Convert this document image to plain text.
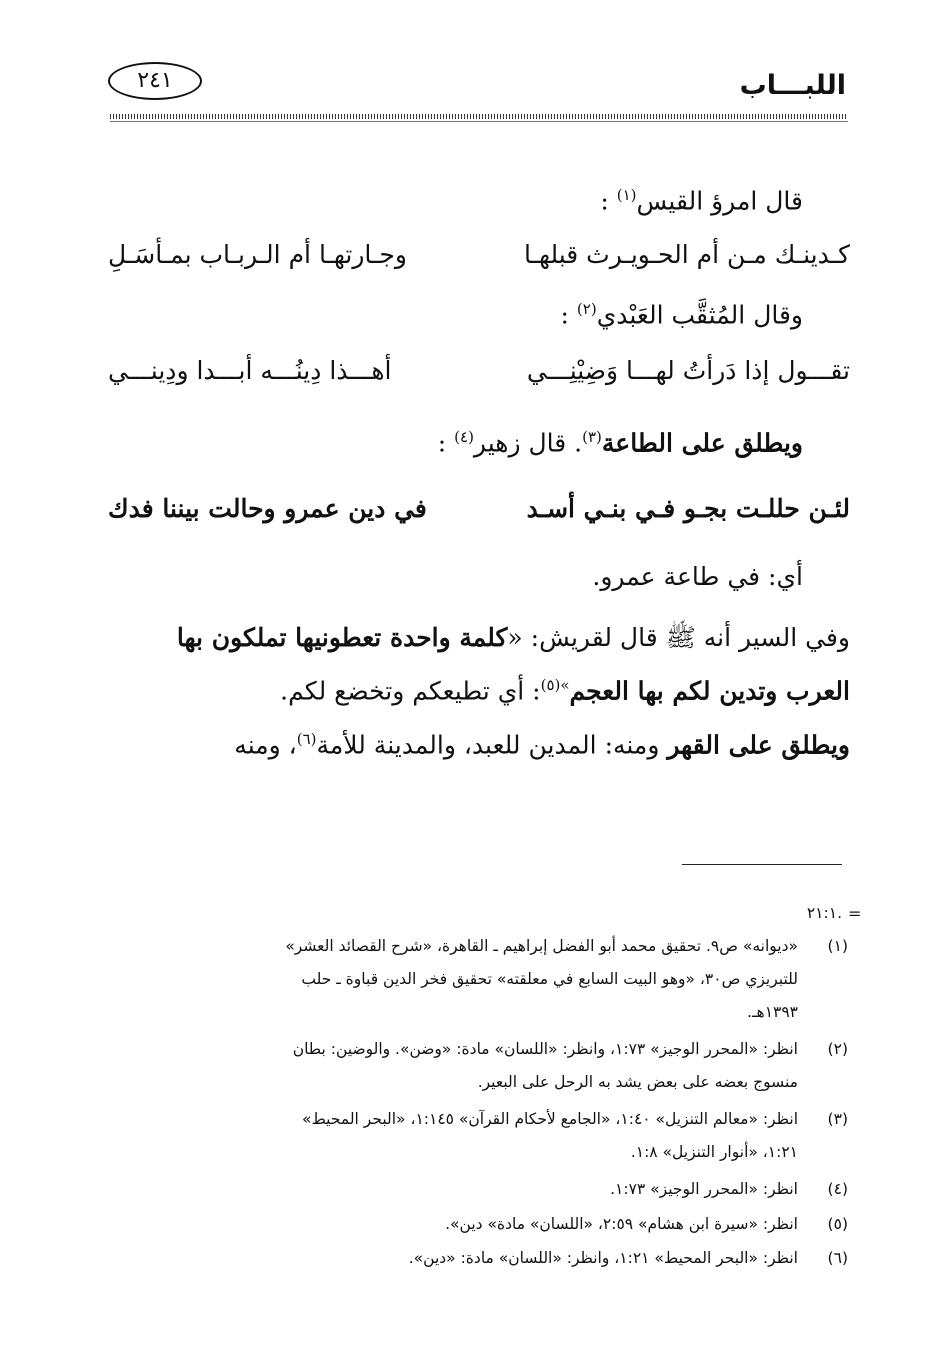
اللبـــاب
٢٤١
قال امرؤ القيس$^{(١)}$ :
كـدينـك مـن أم الحـويـرث قبلهـا
وجـارتهـا أم الـربـاب بمـأسَـلِ
وقال المُثقَّب العَبْدي$^{(٢)}$ :
تقـــول إذا دَرأتُ لهـــا وَضِيْنِـــي
أهـــذا دِينُـــه أبـــدا ودِينـــي
ويطلق على الطاعة$^{(٣)}$. قال زهير$^{(٤)}$ :
لئـن حللـت بجـو فـي بنـي أسـد
في دين عمرو وحالت بيننا فدك
أي: في طاعة عمرو.
وفي السير أنه ﷺ قال لقريش: «كلمة واحدة تعطونيها تملكون بها
العرب وتدين لكم بها العجم$^{»(٥)}$: أي تطيعكم وتخضع لكم.
ويطلق على القهر ومنه: المدين للعبد، والمدينة للأمة$^{(٦)}$، ومنه
=
.٢١:١
(١)
«ديوانه» ص٩. تحقيق محمد أبو الفضل إبراهيم ـ القاهرة، «شرح القصائد العشر»
للتبريزي ص٣٠، «وهو البيت السابع في معلقته» تحقيق فخر الدين قباوة ـ حلب
١٣٩٣هـ.
(٢)
انظر: «المحرر الوجيز» ١:٧٣، وانظر: «اللسان» مادة: «وضن». والوضين: بطان
منسوج بعضه على بعض يشد به الرحل على البعير.
(٣)
انظر: «معالم التنزيل» ١:٤٠، «الجامع لأحكام القرآن» ١:١٤٥، «البحر المحيط»
١:٢١، «أنوار التنزيل» ١:٨.
(٤)
انظر: «المحرر الوجيز» ١:٧٣.
(٥)
انظر: «سيرة ابن هشام» ٢:٥٩، «اللسان» مادة» دين».
(٦)
انظر: «البحر المحيط» ١:٢١، وانظر: «اللسان» مادة: «دين».
